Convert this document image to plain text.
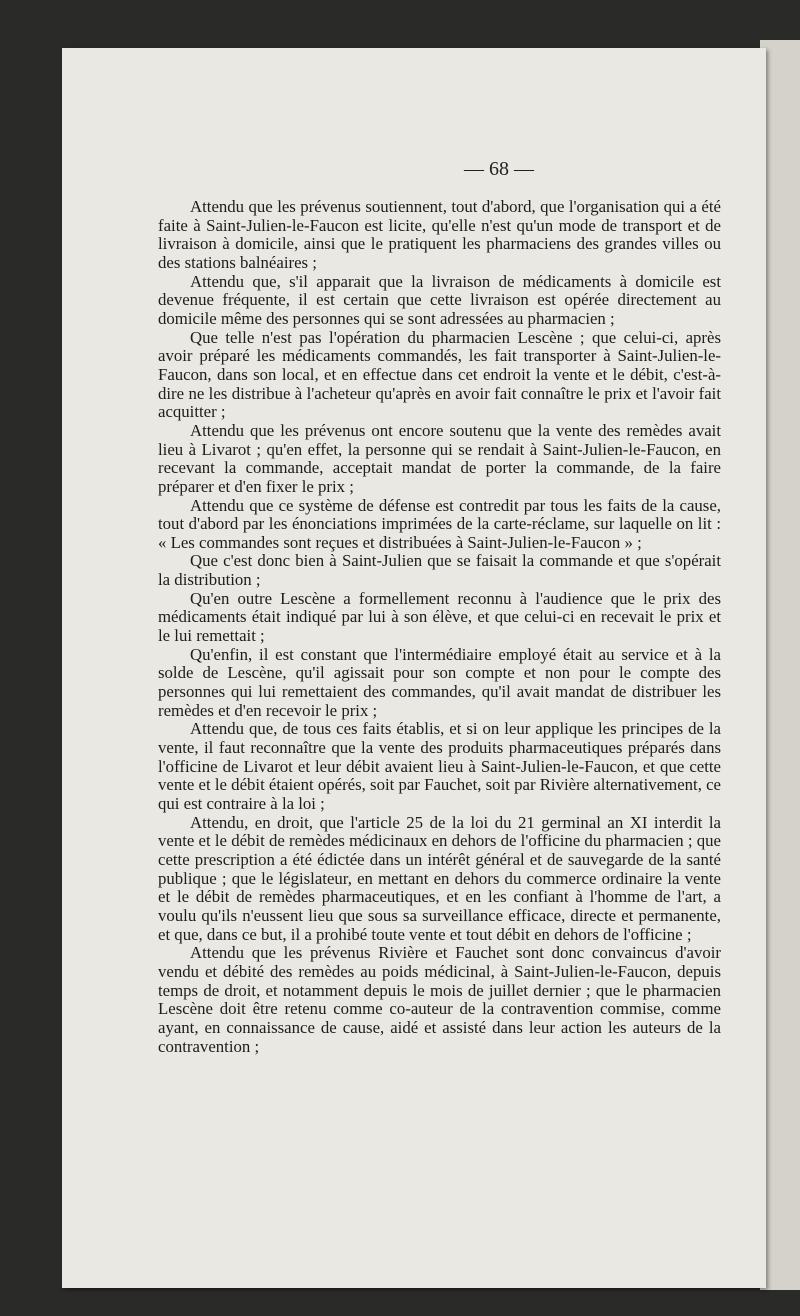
— 68 —

Attendu que les prévenus soutiennent, tout d'abord, que l'organisation qui a été faite à Saint-Julien-le-Faucon est licite, qu'elle n'est qu'un mode de transport et de livraison à domicile, ainsi que le pratiquent les pharmaciens des grandes villes ou des stations balnéaires ;

Attendu que, s'il apparait que la livraison de médicaments à domicile est devenue fréquente, il est certain que cette livraison est opérée directement au domicile même des personnes qui se sont adressées au pharmacien ;

Que telle n'est pas l'opération du pharmacien Lescène ; que celui-ci, après avoir préparé les médicaments commandés, les fait transporter à Saint-Julien-le-Faucon, dans son local, et en effectue dans cet endroit la vente et le débit, c'est-à-dire ne les distribue à l'acheteur qu'après en avoir fait connaître le prix et l'avoir fait acquitter ;

Attendu que les prévenus ont encore soutenu que la vente des remèdes avait lieu à Livarot ; qu'en effet, la personne qui se rendait à Saint-Julien-le-Faucon, en recevant la commande, acceptait mandat de porter la commande, de la faire préparer et d'en fixer le prix ;

Attendu que ce système de défense est contredit par tous les faits de la cause, tout d'abord par les énonciations imprimées de la carte-réclame, sur laquelle on lit : « Les commandes sont reçues et distribuées à Saint-Julien-le-Faucon » ;

Que c'est donc bien à Saint-Julien que se faisait la commande et que s'opérait la distribution ;

Qu'en outre Lescène a formellement reconnu à l'audience que le prix des médicaments était indiqué par lui à son élève, et que celui-ci en recevait le prix et le lui remettait ;

Qu'enfin, il est constant que l'intermédiaire employé était au service et à la solde de Lescène, qu'il agissait pour son compte et non pour le compte des personnes qui lui remettaient des commandes, qu'il avait mandat de distribuer les remèdes et d'en recevoir le prix ;

Attendu que, de tous ces faits établis, et si on leur applique les principes de la vente, il faut reconnaître que la vente des produits pharmaceutiques préparés dans l'officine de Livarot et leur débit avaient lieu à Saint-Julien-le-Faucon, et que cette vente et le débit étaient opérés, soit par Fauchet, soit par Rivière alternativement, ce qui est contraire à la loi ;

Attendu, en droit, que l'article 25 de la loi du 21 germinal an XI interdit la vente et le débit de remèdes médicinaux en dehors de l'officine du pharmacien ; que cette prescription a été édictée dans un intérêt général et de sauvegarde de la santé publique ; que le législateur, en mettant en dehors du commerce ordinaire la vente et le débit de remèdes pharmaceutiques, et en les confiant à l'homme de l'art, a voulu qu'ils n'eussent lieu que sous sa surveillance efficace, directe et permanente, et que, dans ce but, il a prohibé toute vente et tout débit en dehors de l'officine ;

Attendu que les prévenus Rivière et Fauchet sont donc convaincus d'avoir vendu et débité des remèdes au poids médicinal, à Saint-Julien-le-Faucon, depuis temps de droit, et notamment depuis le mois de juillet dernier ; que le pharmacien Lescène doit être retenu comme co-auteur de la contravention commise, comme ayant, en connaissance de cause, aidé et assisté dans leur action les auteurs de la contravention ;
